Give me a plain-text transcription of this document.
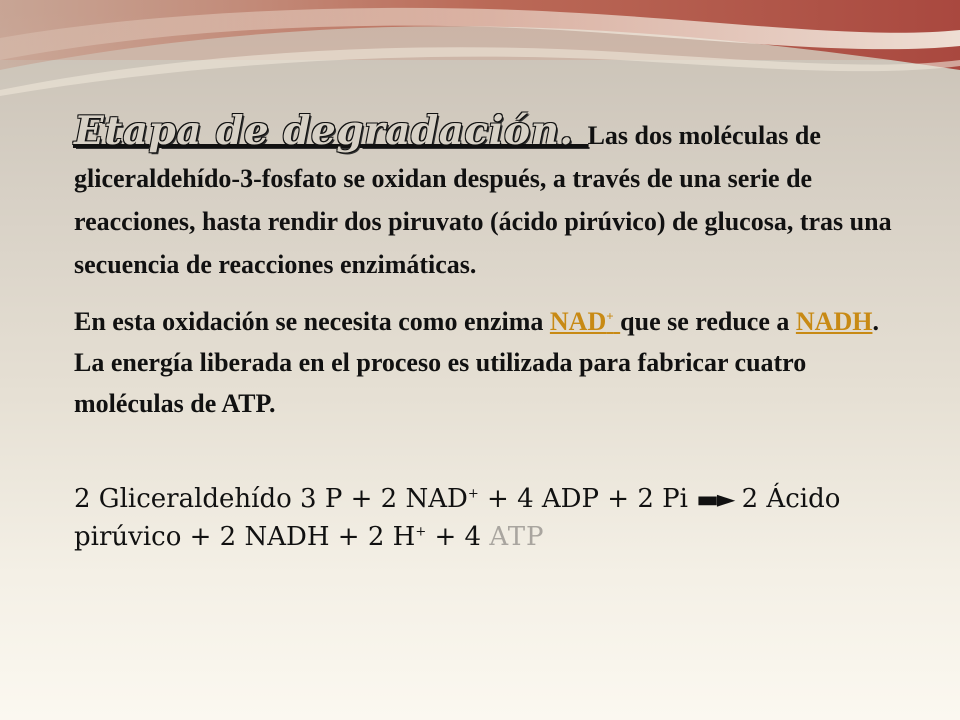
Etapa de degradación. Las dos moléculas de gliceraldehído-3-fosfato se oxidan después, a través de una serie de reacciones, hasta rendir dos piruvato (ácido pirúvico) de glucosa, tras una secuencia de reacciones enzimáticas.

En esta oxidación se necesita como enzima NAD+ que se reduce a NADH. La energía liberada en el proceso es utilizada para fabricar cuatro moléculas de ATP.

2 Gliceraldehído 3 P + 2 NAD+ + 4 ADP + 2 Pi ▬► 2 Ácido pirúvico + 2 NADH + 2 H+ + 4 ATP
